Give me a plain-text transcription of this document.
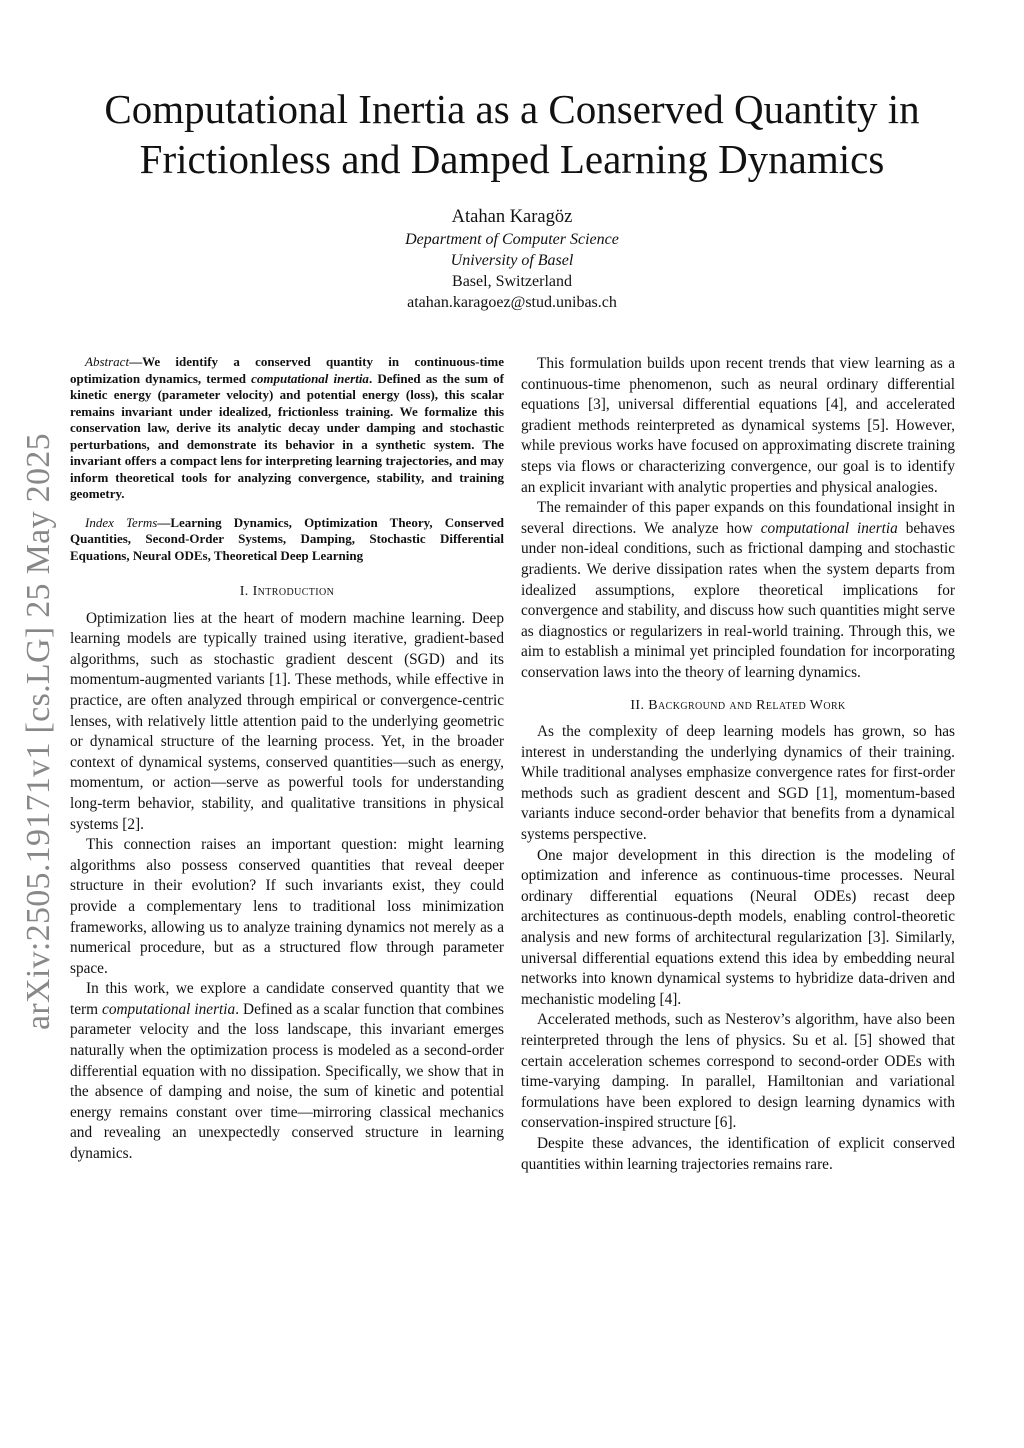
arXiv:2505.19171v1 [cs.LG] 25 May 2025
Computational Inertia as a Conserved Quantity in
Frictionless and Damped Learning Dynamics
Atahan Karagöz
Department of Computer Science
University of Basel
Basel, Switzerland
atahan.karagoez@stud.unibas.ch

Abstract—We identify a conserved quantity in continuous-time optimization dynamics, termed computational inertia. Defined as the sum of kinetic energy (parameter velocity) and potential energy (loss), this scalar remains invariant under idealized, frictionless training. We formalize this conservation law, derive its analytic decay under damping and stochastic perturbations, and demonstrate its behavior in a synthetic system. The invariant offers a compact lens for interpreting learning trajectories, and may inform theoretical tools for analyzing convergence, stability, and training geometry.

Index Terms—Learning Dynamics, Optimization Theory, Conserved Quantities, Second-Order Systems, Damping, Stochastic Differential Equations, Neural ODEs, Theoretical Deep Learning

I. Introduction

Optimization lies at the heart of modern machine learning. Deep learning models are typically trained using iterative, gradient-based algorithms, such as stochastic gradient descent (SGD) and its momentum-augmented variants [1]. These methods, while effective in practice, are often analyzed through empirical or convergence-centric lenses, with relatively little attention paid to the underlying geometric or dynamical structure of the learning process. Yet, in the broader context of dynamical systems, conserved quantities—such as energy, momentum, or action—serve as powerful tools for understanding long-term behavior, stability, and qualitative transitions in physical systems [2].

This connection raises an important question: might learning algorithms also possess conserved quantities that reveal deeper structure in their evolution? If such invariants exist, they could provide a complementary lens to traditional loss minimization frameworks, allowing us to analyze training dynamics not merely as a numerical procedure, but as a structured flow through parameter space.

In this work, we explore a candidate conserved quantity that we term computational inertia. Defined as a scalar function that combines parameter velocity and the loss landscape, this invariant emerges naturally when the optimization process is modeled as a second-order differential equation with no dissipation. Specifically, we show that in the absence of damping and noise, the sum of kinetic and potential energy remains constant over time—mirroring classical mechanics and revealing an unexpectedly conserved structure in learning dynamics.

This formulation builds upon recent trends that view learning as a continuous-time phenomenon, such as neural ordinary differential equations [3], universal differential equations [4], and accelerated gradient methods reinterpreted as dynamical systems [5]. However, while previous works have focused on approximating discrete training steps via flows or characterizing convergence, our goal is to identify an explicit invariant with analytic properties and physical analogies.

The remainder of this paper expands on this foundational insight in several directions. We analyze how computational inertia behaves under non-ideal conditions, such as frictional damping and stochastic gradients. We derive dissipation rates when the system departs from idealized assumptions, explore theoretical implications for convergence and stability, and discuss how such quantities might serve as diagnostics or regularizers in real-world training. Through this, we aim to establish a minimal yet principled foundation for incorporating conservation laws into the theory of learning dynamics.

II. Background and Related Work

As the complexity of deep learning models has grown, so has interest in understanding the underlying dynamics of their training. While traditional analyses emphasize convergence rates for first-order methods such as gradient descent and SGD [1], momentum-based variants induce second-order behavior that benefits from a dynamical systems perspective.

One major development in this direction is the modeling of optimization and inference as continuous-time processes. Neural ordinary differential equations (Neural ODEs) recast deep architectures as continuous-depth models, enabling control-theoretic analysis and new forms of architectural regularization [3]. Similarly, universal differential equations extend this idea by embedding neural networks into known dynamical systems to hybridize data-driven and mechanistic modeling [4].

Accelerated methods, such as Nesterov’s algorithm, have also been reinterpreted through the lens of physics. Su et al. [5] showed that certain acceleration schemes correspond to second-order ODEs with time-varying damping. In parallel, Hamiltonian and variational formulations have been explored to design learning dynamics with conservation-inspired structure [6].

Despite these advances, the identification of explicit conserved quantities within learning trajectories remains rare.
